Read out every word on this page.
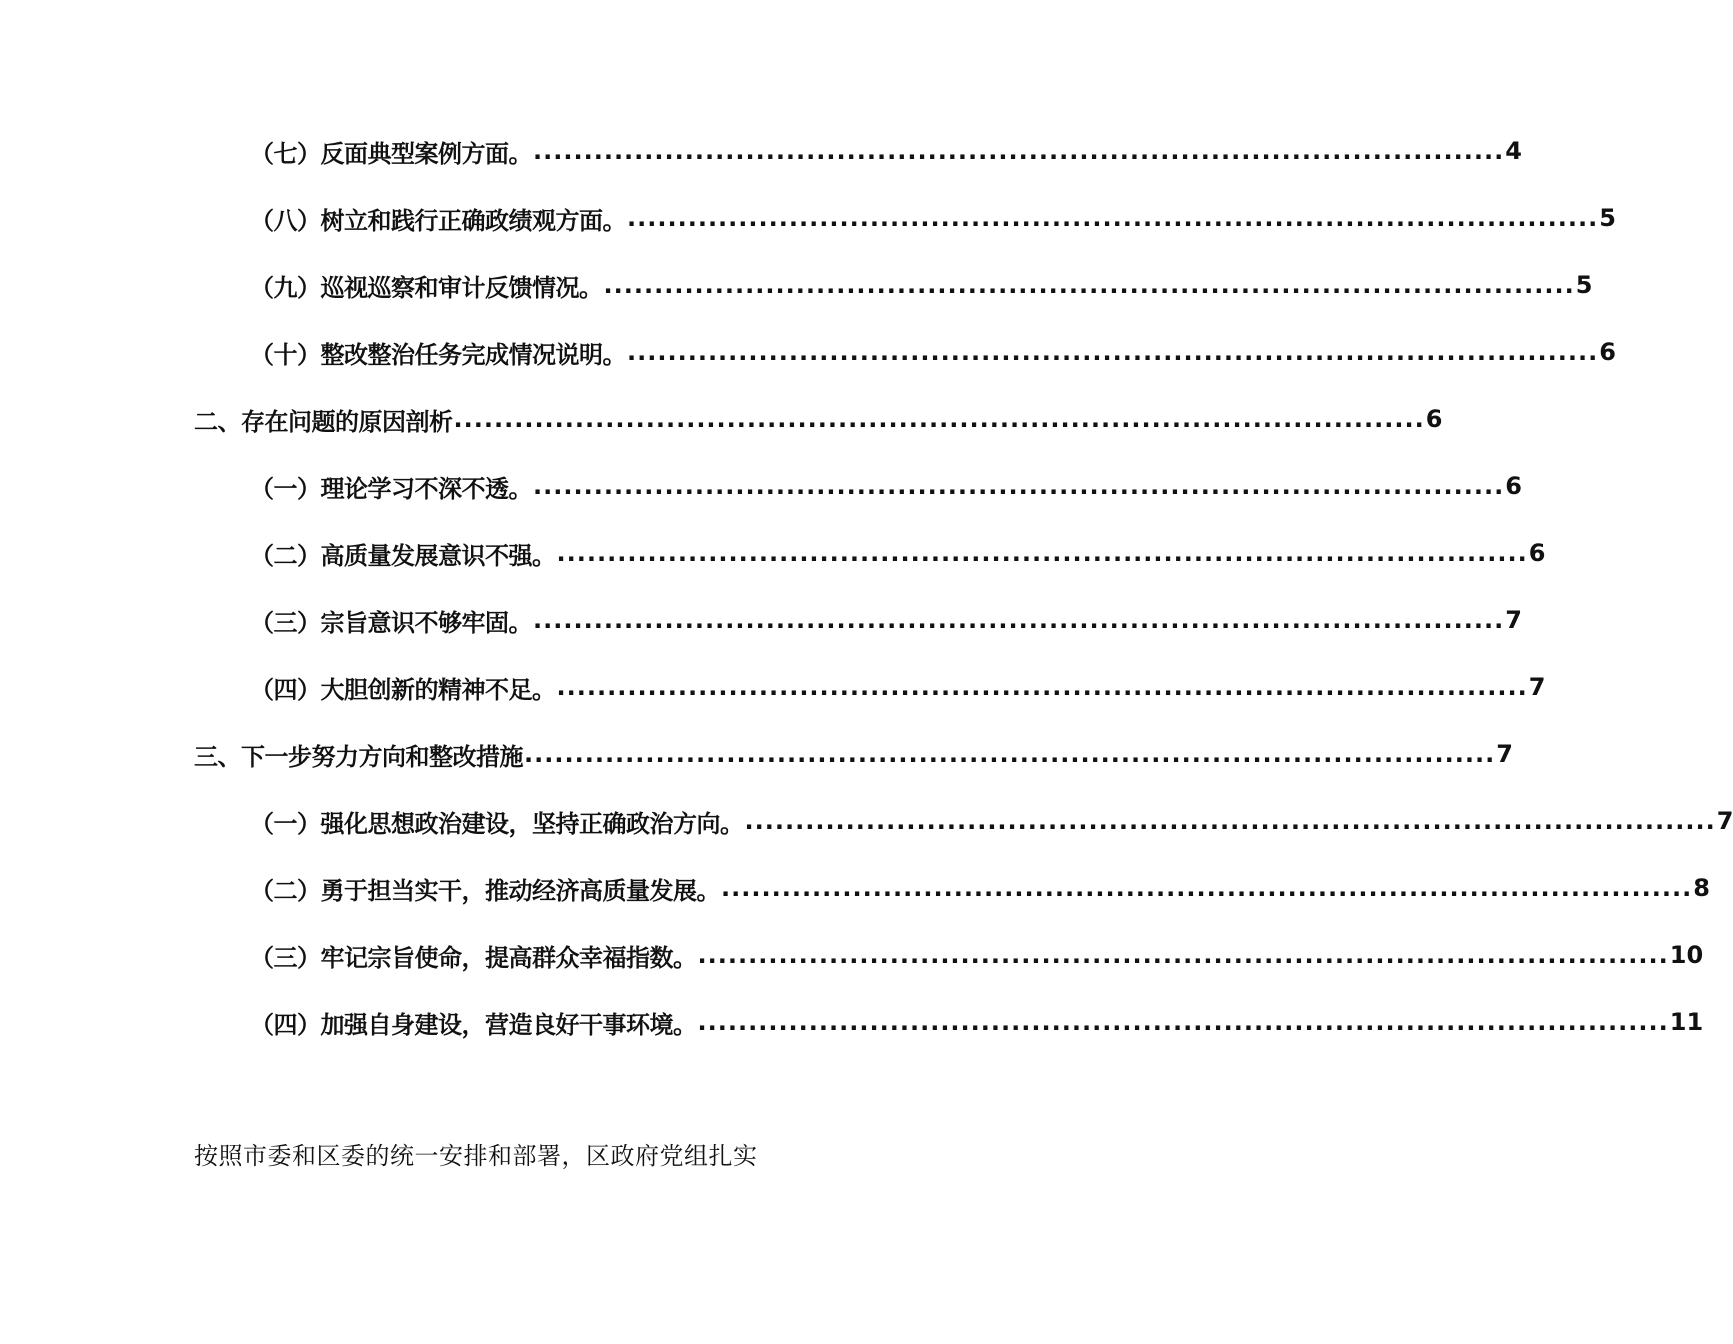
（七）反面典型案例方面。 ................................................................................................ 4
（八）树立和践行正确政绩观方面。 ................................................................................................ 5
（九）巡视巡察和审计反馈情况。 ................................................................................................ 5
（十）整改整治任务完成情况说明。 ................................................................................................ 6
二、存在问题的原因剖析 ................................................................................................ 6
（一）理论学习不深不透。 ................................................................................................ 6
（二）高质量发展意识不强。 ................................................................................................ 6
（三）宗旨意识不够牢固。 ................................................................................................ 7
（四）大胆创新的精神不足。 ................................................................................................ 7
三、下一步努力方向和整改措施 ................................................................................................ 7
（一）强化思想政治建设，坚持正确政治方向。 ................................................................................................ 7
（二）勇于担当实干，推动经济高质量发展。 ................................................................................................ 8
（三）牢记宗旨使命，提高群众幸福指数。 ................................................................................................ 10
（四）加强自身建设，营造良好干事环境。 ................................................................................................ 11
按照市委和区委的统一安排和部署，区政府党组扎实
